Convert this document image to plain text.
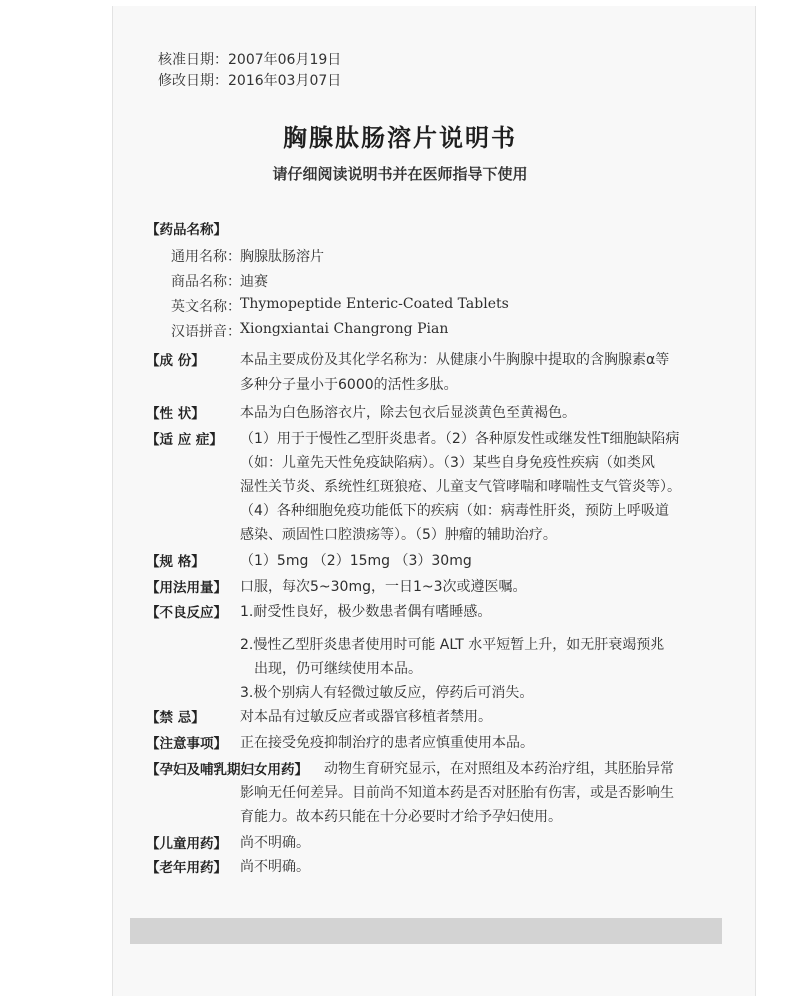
核准日期：2007年06月19日
修改日期：2016年03月07日
胸腺肽肠溶片说明书
请仔细阅读说明书并在医师指导下使用
【药品名称】
通用名称： 胸腺肽肠溶片
商品名称： 迪赛
英文名称： Thymopeptide Enteric-Coated Tablets
汉语拼音： Xiongxiantai Changrong Pian
【成 份】	本品主要成份及其化学名称为：从健康小牛胸腺中提取的含胸腺素α等
多种分子量小于6000的活性多肽。
【性 状】	本品为白色肠溶衣片，除去包衣后显淡黄色至黄褐色。
【适 应 症】 （1）用于于慢性乙型肝炎患者。（2）各种原发性或继发性T细胞缺陷病
（如：儿童先天性免疫缺陷病）。（3）某些自身免疫性疾病（如类风
湿性关节炎、系统性红斑狼疮、儿童支气管哮喘和哮喘性支气管炎等）。
（4）各种细胞免疫功能低下的疾病（如：病毒性肝炎，预防上呼吸道
感染、顽固性口腔溃疡等）。（5）肿瘤的辅助治疗。
【规 格】	（1）5mg （2）15mg （3）30mg
【用法用量】 口服，每次5~30mg，一日1~3次或遵医嘱。
【不良反应】 1.耐受性良好，极少数患者偶有嗜睡感。
2.慢性乙型肝炎患者使用时可能 ALT 水平短暂上升，如无肝衰竭预兆
出现，仍可继续使用本品。
3.极个别病人有轻微过敏反应，停药后可消失。
【禁 忌】	对本品有过敏反应者或器官移植者禁用。
【注意事项】 正在接受免疫抑制治疗的患者应慎重使用本品。
【孕妇及哺乳期妇女用药】 动物生育研究显示，在对照组及本药治疗组，其胚胎异常
影响无任何差异。目前尚不知道本药是否对胚胎有伤害，或是否影响生
育能力。故本药只能在十分必要时才给予孕妇使用。
【儿童用药】 尚不明确。
【老年用药】 尚不明确。
